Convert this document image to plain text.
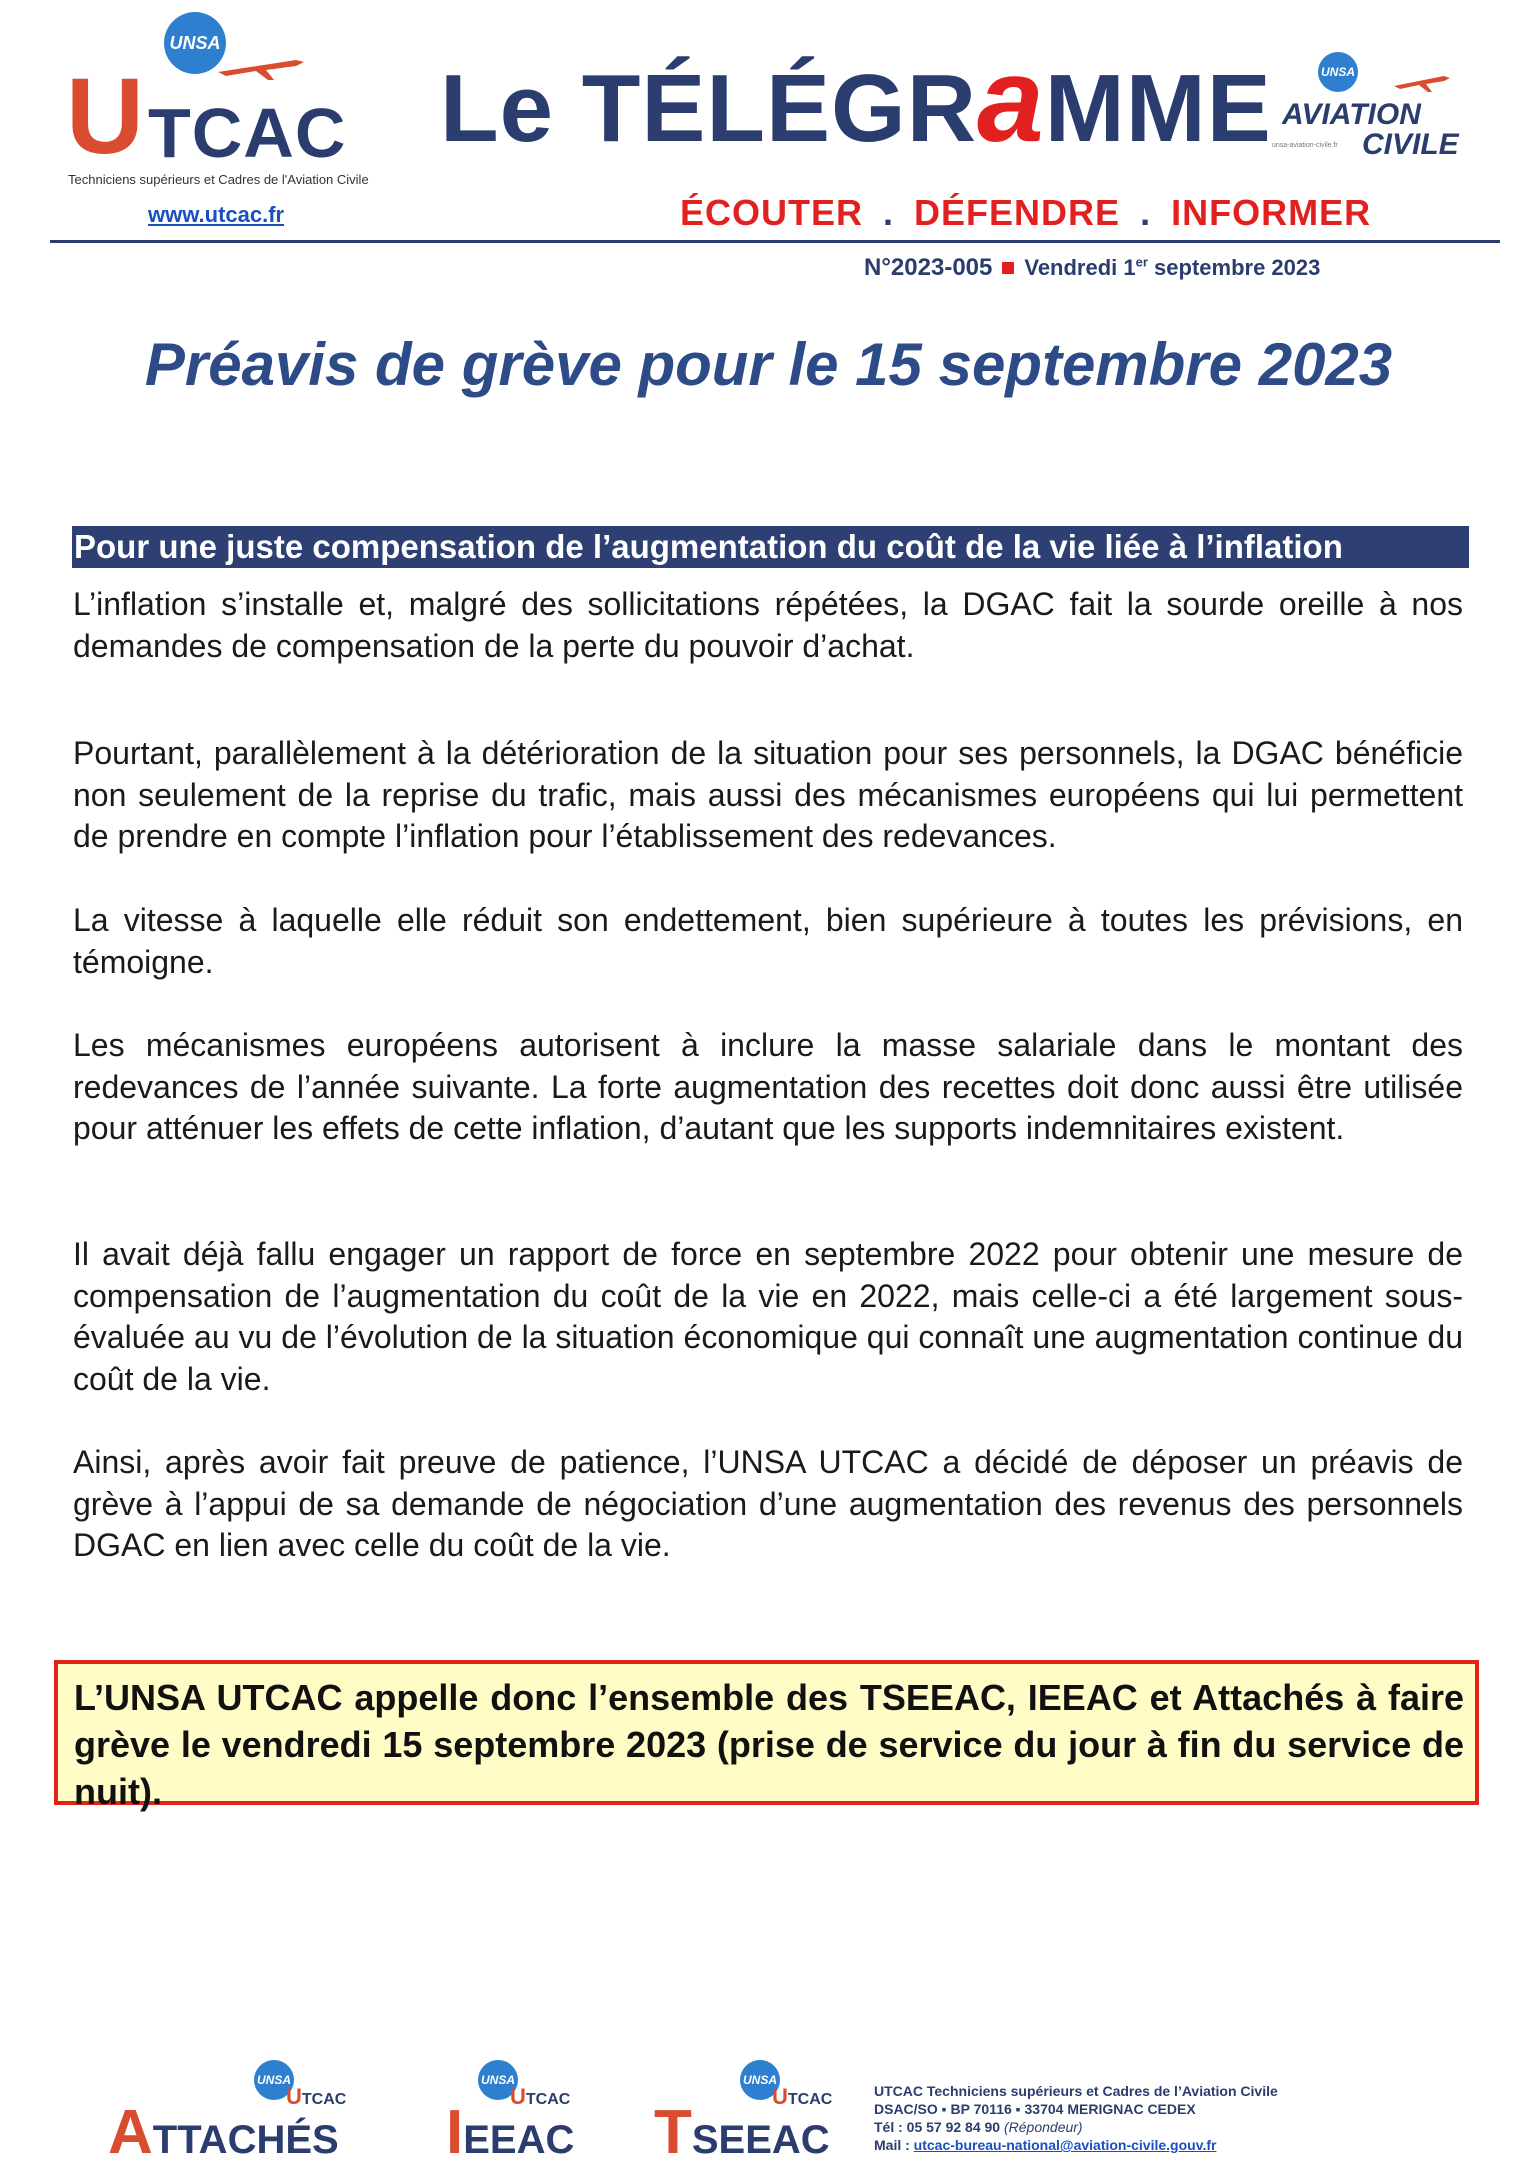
UNSA
U TCAC
Techniciens supérieurs et Cadres de l'Aviation Civile
www.utcac.fr
Le TÉLÉGRaMME	UNSA
AVIATION
CIVILE
unsa-aviation-civile.fr
ÉCOUTER . DÉFENDRE . INFORMER
N°2023-005 Vendredi 1er septembre 2023
Préavis de grève pour le 15 septembre 2023
Pour une juste compensation de l’augmentation du coût de la vie liée à l’inflation

L’inflation s’installe et, malgré des sollicitations répétées, la DGAC fait la sourde oreille à nos demandes de compensation de la perte du pouvoir d’achat.

Pourtant, parallèlement à la détérioration de la situation pour ses personnels, la DGAC bénéficie non seulement de la reprise du trafic, mais aussi des mécanismes européens qui lui permettent de prendre en compte l’inflation pour l’établissement des redevances.

La vitesse à laquelle elle réduit son endettement, bien supérieure à toutes les prévisions, en témoigne.

Les mécanismes européens autorisent à inclure la masse salariale dans le montant des redevances de l’année suivante. La forte augmentation des recettes doit donc aussi être utilisée pour atténuer les effets de cette inflation, d’autant que les supports indemnitaires existent.

Il avait déjà fallu engager un rapport de force en septembre 2022 pour obtenir une mesure de compensation de l’augmentation du coût de la vie en 2022, mais celle-ci a été largement sous-évaluée au vu de l’évolution de la situation économique qui connaît une augmentation continue du coût de la vie.

Ainsi, après avoir fait preuve de patience, l’UNSA UTCAC a décidé de déposer un préavis de grève à l’appui de sa demande de négociation d’une augmentation des revenus des personnels DGAC en lien avec celle du coût de la vie.

L’UNSA UTCAC appelle donc l’ensemble des TSEEAC, IEEAC et Attachés à faire grève le vendredi 15 septembre 2023 (prise de service du jour à fin du service de nuit).
UNSA
UTCAC
ATTACHÉS
UNSA
UTCAC
IEEAC
UNSA
UTCAC
TSEEAC
UTCAC Techniciens supérieurs et Cadres de l’Aviation Civile
DSAC/SO ▪ BP 70116 ▪ 33704 MERIGNAC CEDEX
Tél : 05 57 92 84 90 (Répondeur)
Mail : utcac-bureau-national@aviation-civile.gouv.fr
